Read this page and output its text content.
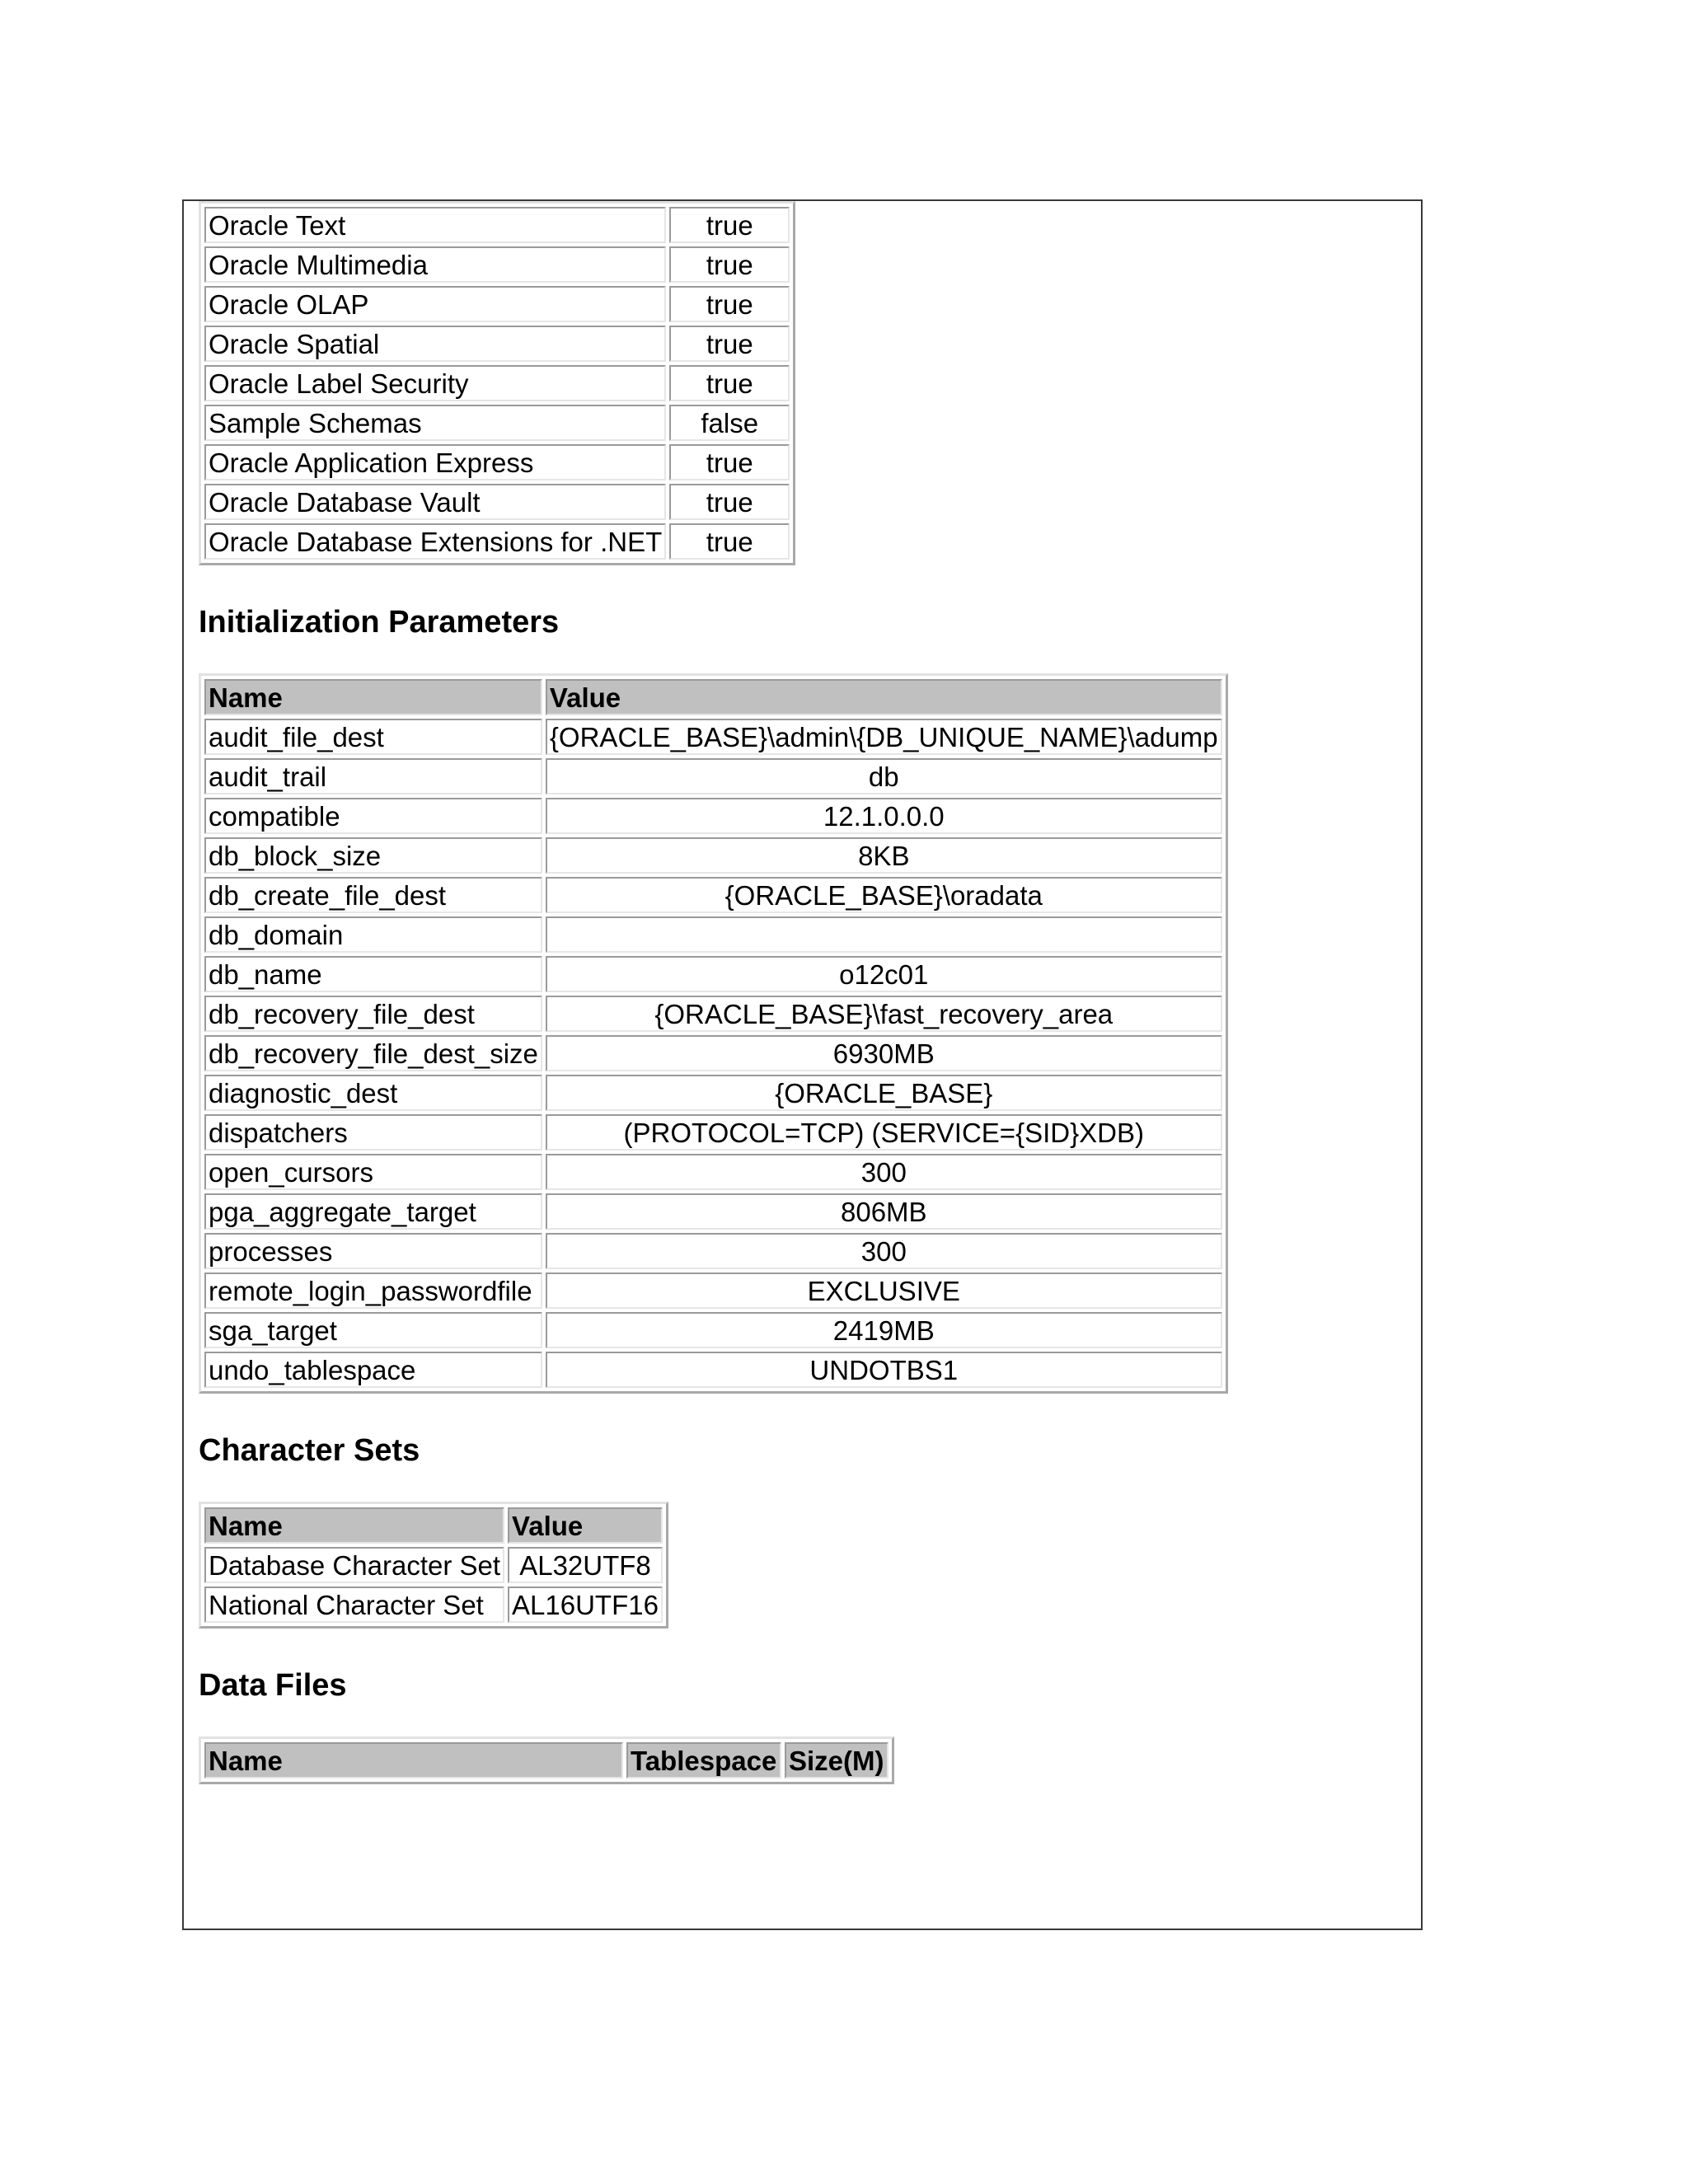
Oracle Text	true
Oracle Multimedia	true
Oracle OLAP	true
Oracle Spatial	true
Oracle Label Security	true
Sample Schemas	false
Oracle Application Express	true
Oracle Database Vault	true
Oracle Database Extensions for .NET	true
Initialization Parameters
Name	Value
audit_file_dest	{ORACLE_BASE}\admin\{DB_UNIQUE_NAME}\adump
audit_trail	db
compatible	12.1.0.0.0
db_block_size	8KB
db_create_file_dest	{ORACLE_BASE}\oradata
db_domain	
db_name	o12c01
db_recovery_file_dest	{ORACLE_BASE}\fast_recovery_area
db_recovery_file_dest_size	6930MB
diagnostic_dest	{ORACLE_BASE}
dispatchers	(PROTOCOL=TCP) (SERVICE={SID}XDB)
open_cursors	300
pga_aggregate_target	806MB
processes	300
remote_login_passwordfile	EXCLUSIVE
sga_target	2419MB
undo_tablespace	UNDOTBS1
Character Sets
Name	Value
Database Character Set	AL32UTF8
National Character Set	AL16UTF16
Data Files
Name	Tablespace	Size(M)
